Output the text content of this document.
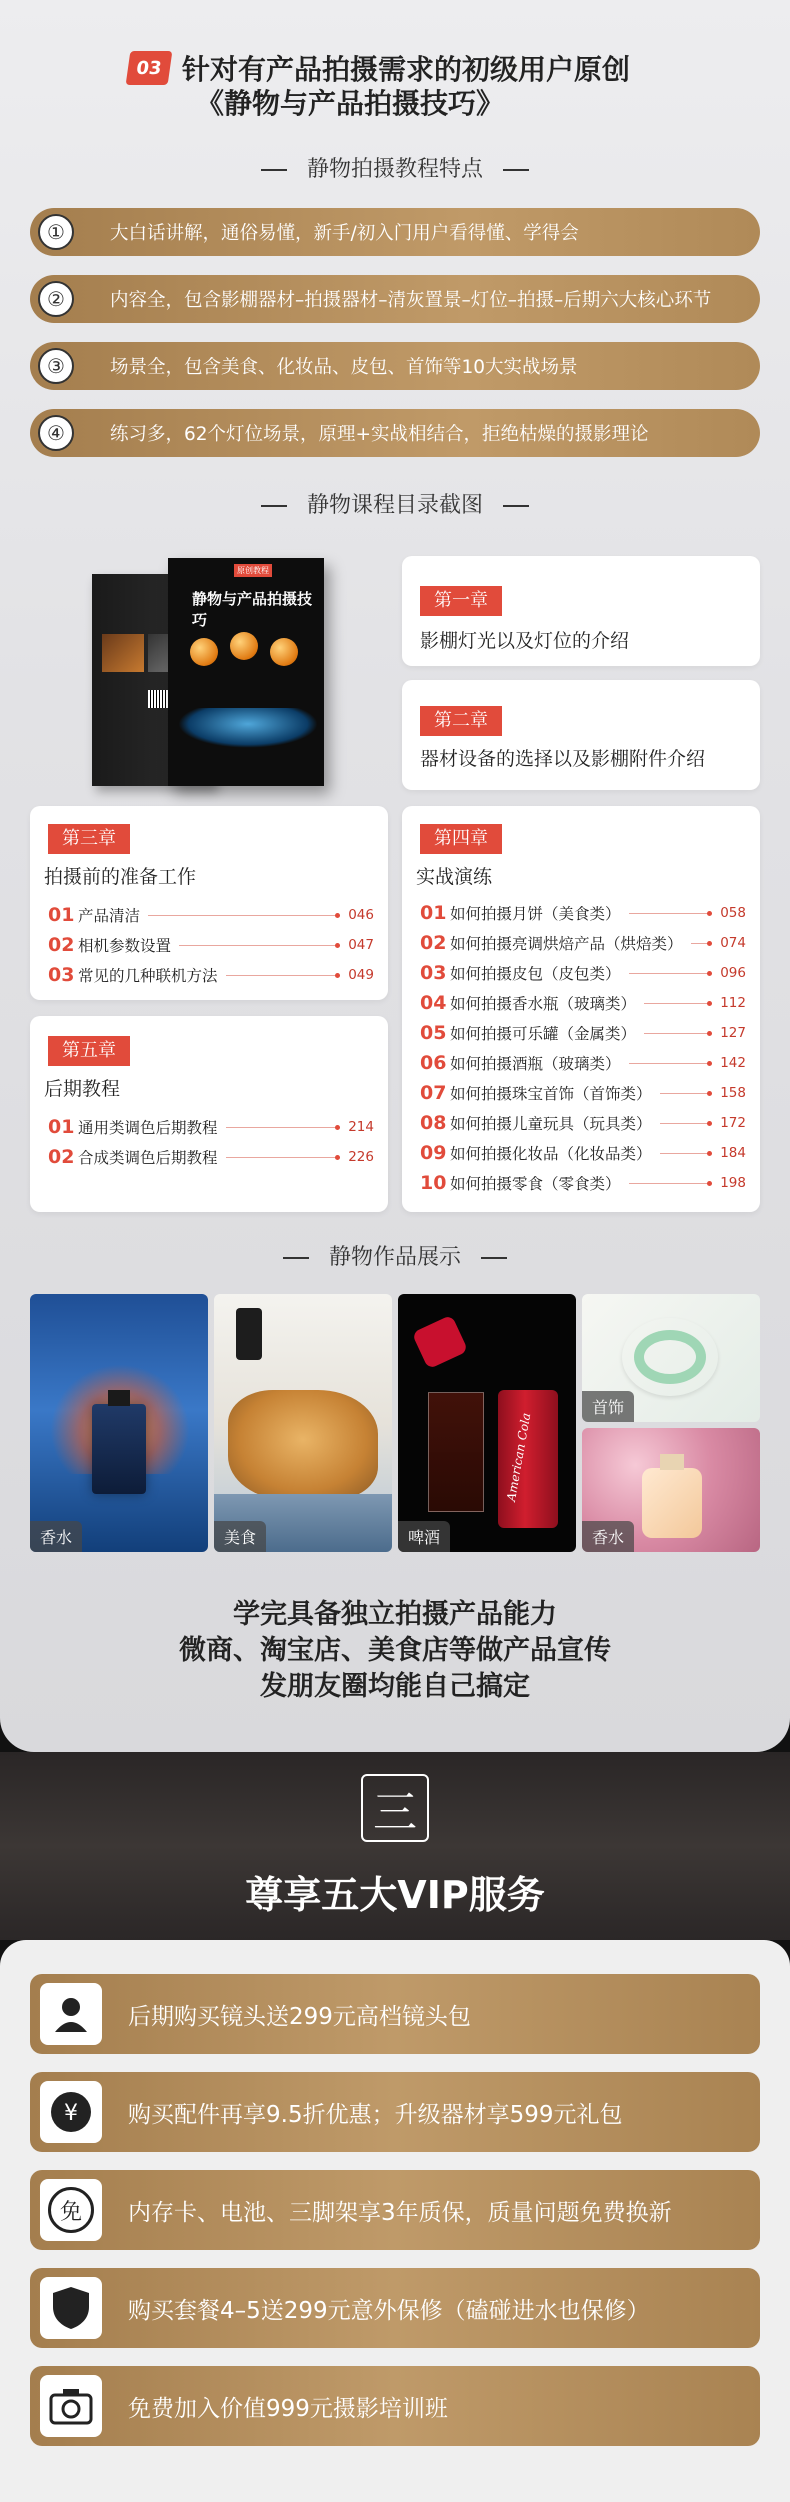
03 针对有产品拍摄需求的初级用户原创
《静物与产品拍摄技巧》
静物拍摄教程特点
①	大白话讲解，通俗易懂，新手/初入门用户看得懂、学得会
②	内容全，包含影棚器材–拍摄器材–清灰置景–灯位–拍摄–后期六大核心环节
③	场景全，包含美食、化妆品、皮包、首饰等10大实战场景
④	练习多，62个灯位场景，原理+实战相结合，拒绝枯燥的摄影理论
静物课程目录截图
原创教程
静物与产品拍摄技巧
第一章
影棚灯光以及灯位的介绍
第二章
器材设备的选择以及影棚附件介绍
第三章
拍摄前的准备工作
01 产品清洁	046
02 相机参数设置	047
03 常见的几种联机方法	049
第五章
后期教程
01 通用类调色后期教程	214
02 合成类调色后期教程	226
第四章
实战演练
01 如何拍摄月饼（美食类）	058
02 如何拍摄亮调烘焙产品（烘焙类）	074
03 如何拍摄皮包（皮包类）	096
04 如何拍摄香水瓶（玻璃类）	112
05 如何拍摄可乐罐（金属类）	127
06 如何拍摄酒瓶（玻璃类）	142
07 如何拍摄珠宝首饰（首饰类）	158
08 如何拍摄儿童玩具（玩具类）	172
09 如何拍摄化妆品（化妆品类）	184
10 如何拍摄零食（零食类）	198
静物作品展示
香水	美食
American Cola
啤酒
首饰
香水
学完具备独立拍摄产品能力
微商、淘宝店、美食店等做产品宣传
发朋友圈均能自己搞定
三
尊享五大VIP服务
后期购买镜头送299元高档镜头包
¥ 购买配件再享9.5折优惠；升级器材享599元礼包
免	内存卡、电池、三脚架享3年质保，质量问题免费换新
购买套餐4–5送299元意外保修（磕碰进水也保修）
免费加入价值999元摄影培训班
